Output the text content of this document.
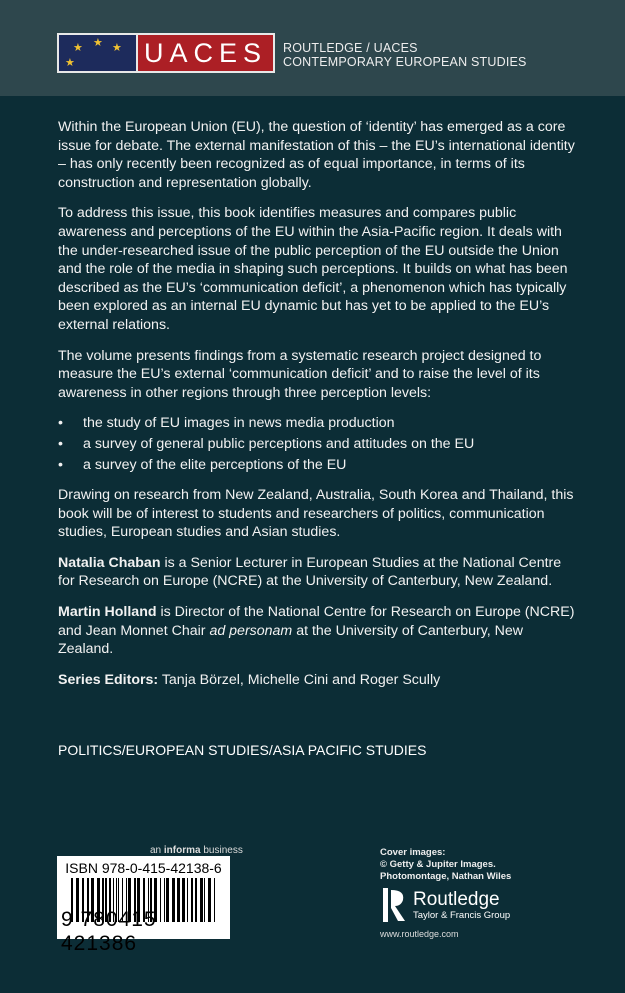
★ ★ ★
★	UACES	ROUTLEDGE / UACES
CONTEMPORARY EUROPEAN STUDIES

Within the European Union (EU), the question of ‘identity’ has emerged as a core issue for debate. The external manifestation of this – the EU’s international identity – has only recently been recognized as of equal importance, in terms of its construction and representation globally.

To address this issue, this book identifies measures and compares public awareness and perceptions of the EU within the Asia-Pacific region. It deals with the under-researched issue of the public perception of the EU outside the Union and the role of the media in shaping such perceptions. It builds on what has been described as the EU’s ‘communication deficit’, a phenomenon which has typically been explored as an internal EU dynamic but has yet to be applied to the EU’s external relations.

The volume presents findings from a systematic research project designed to measure the EU’s external ‘communication deficit’ and to raise the level of its awareness in other regions through three perception levels:

• the study of EU images in news media production
• a survey of general public perceptions and attitudes on the EU
• a survey of the elite perceptions of the EU

Drawing on research from New Zealand, Australia, South Korea and Thailand, this book will be of interest to students and researchers of politics, communication studies, European studies and Asian studies.

Natalia Chaban is a Senior Lecturer in European Studies at the National Centre for Research on Europe (NCRE) at the University of Canterbury, New Zealand.

Martin Holland is Director of the National Centre for Research on Europe (NCRE) and Jean Monnet Chair ad personam at the University of Canterbury, New Zealand.

Series Editors: Tanja Börzel, Michelle Cini and Roger Scully

POLITICS/EUROPEAN STUDIES/ASIA PACIFIC STUDIES
an informa business
ISBN 978-0-415-42138-6
9 780415 421386
Cover images:
© Getty & Jupiter Images.
Photomontage, Nathan Wiles
Routledge
Taylor & Francis Group
www.routledge.com
